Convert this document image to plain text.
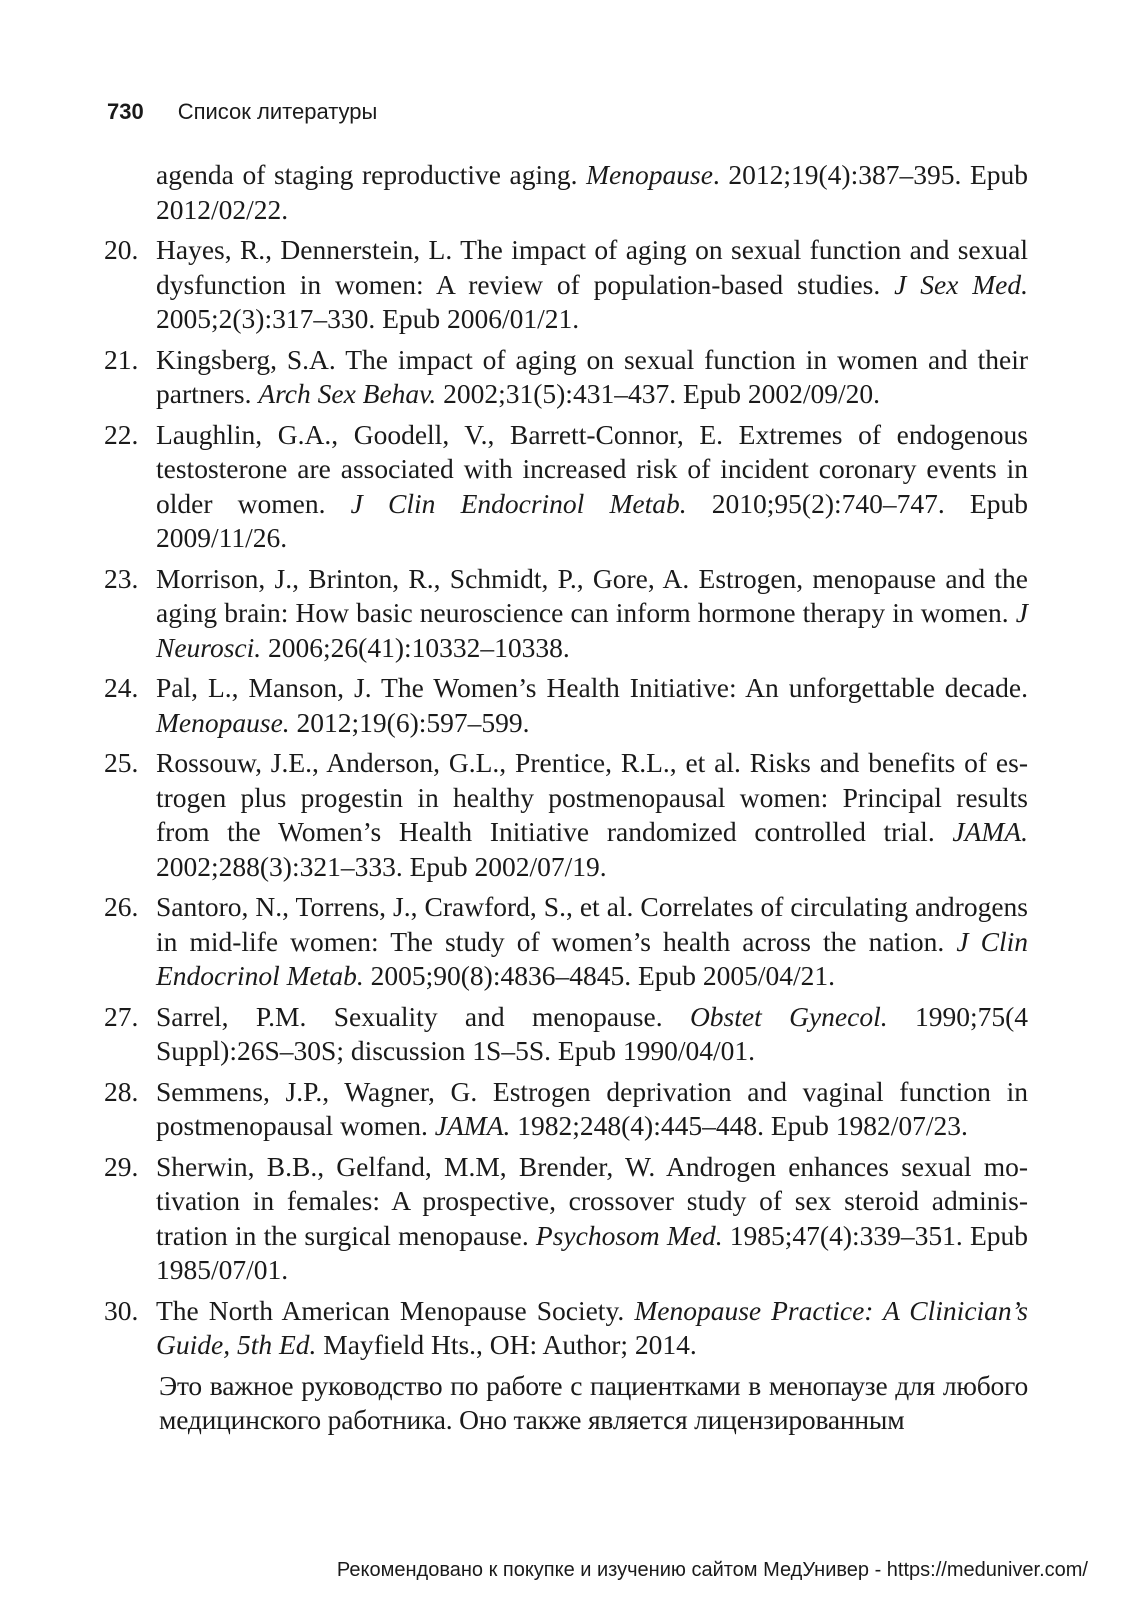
730 Список литературы
agenda of staging reproductive aging. Menopause. 2012;19(4):387–395. Epub 2012/02/22.
20. Hayes, R., Dennerstein, L. The impact of aging on sexual function and sexual dysfunction in women: A review of population-based studies. J Sex Med. 2005;2(3):317–330. Epub 2006/01/21.
21. Kingsberg, S.A. The impact of aging on sexual function in women and their partners. Arch Sex Behav. 2002;31(5):431–437. Epub 2002/09/20.
22. Laughlin, G.A., Goodell, V., Barrett-Connor, E. Extremes of endogenous testosterone are associated with increased risk of incident coronary events in older women. J Clin Endocrinol Metab. 2010;95(2):740–747. Epub 2009/11/26.
23. Morrison, J., Brinton, R., Schmidt, P., Gore, A. Estrogen, menopause and the aging brain: How basic neuroscience can inform hormone therapy in women. J Neurosci. 2006;26(41):10332–10338.
24. Pal, L., Manson, J. The Women’s Health Initiative: An unforgettable decade. Menopause. 2012;19(6):597–599.
25. Rossouw, J.E., Anderson, G.L., Prentice, R.L., et al. Risks and benefits of estrogen plus progestin in healthy postmenopausal women: Principal results from the Women’s Health Initiative randomized controlled trial. JAMA. 2002;288(3):321–333. Epub 2002/07/19.
26. Santoro, N., Torrens, J., Crawford, S., et al. Correlates of circulating androgens in mid-life women: The study of women’s health across the nation. J Clin Endocrinol Metab. 2005;90(8):4836–4845. Epub 2005/04/21.
27. Sarrel, P.M. Sexuality and menopause. Obstet Gynecol. 1990;75(4 Suppl):26S–30S; discussion 1S–5S. Epub 1990/04/01.
28. Semmens, J.P., Wagner, G. Estrogen deprivation and vaginal function in postmenopausal women. JAMA. 1982;248(4):445–448. Epub 1982/07/23.
29. Sherwin, B.B., Gelfand, M.M, Brender, W. Androgen enhances sexual motivation in females: A prospective, crossover study of sex steroid administration in the surgical menopause. Psychosom Med. 1985;47(4):339–351. Epub 1985/07/01.
30. The North American Menopause Society. Menopause Practice: A Clinician’s Guide, 5th Ed. Mayfield Hts., OH: Author; 2014.
Это важное руководство по работе с пациентками в менопаузе для любого медицинского работника. Оно также является лицензированным
Рекомендовано к покупке и изучению сайтом МедУнивер - https://meduniver.com/
